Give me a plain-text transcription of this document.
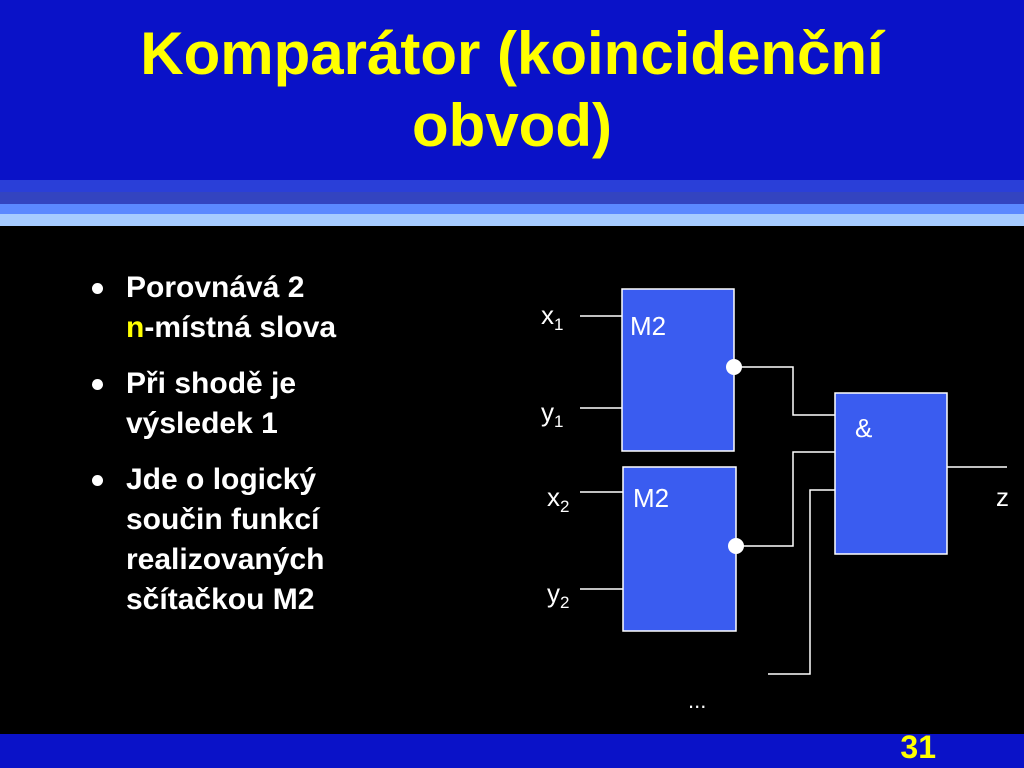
Komparátor (koincidenční
obvod)
Porovnává 2
n-místná slova
Při shodě je
výsledek 1
Jde o logický
součin funkcí
realizovaných
sčítačkou M2
$x_1$
$y_1$
$x_2$
$y_2$
M2
M2
&
z
...
31
